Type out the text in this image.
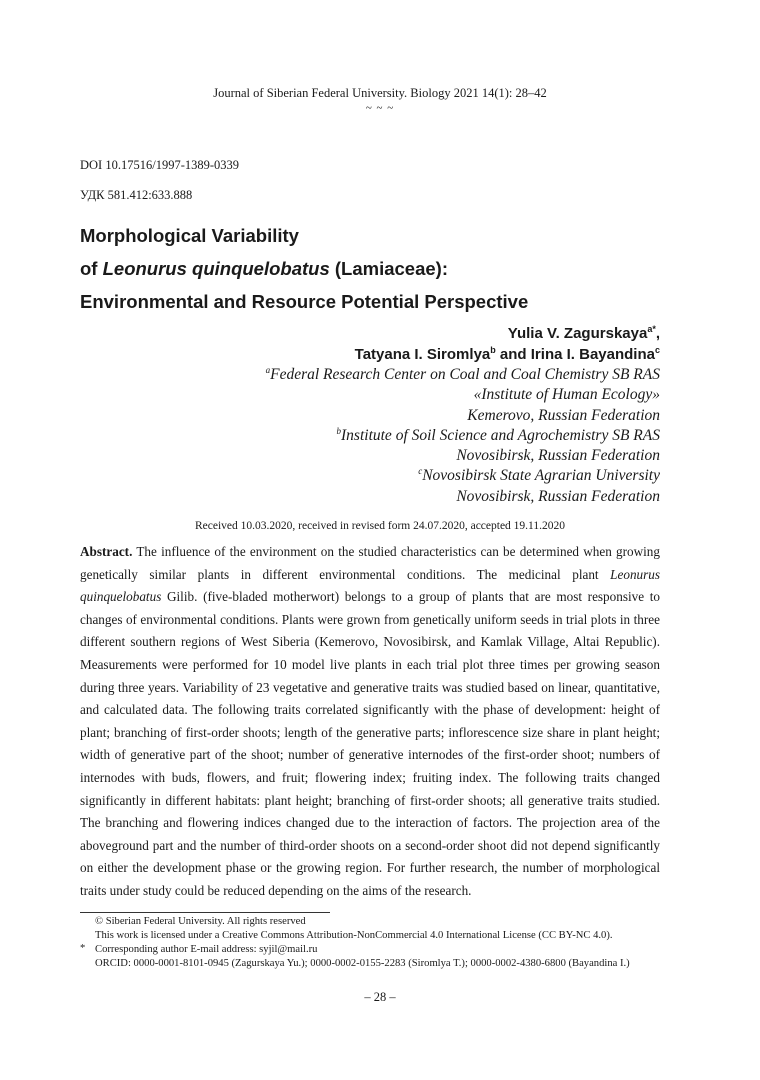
Journal of Siberian Federal University. Biology 2021 14(1): 28–42
~ ~ ~
DOI 10.17516/1997-1389-0339
УДК 581.412:633.888
Morphological Variability
of Leonurus quinquelobatus (Lamiaceae):
Environmental and Resource Potential Perspective
Yulia V. Zagurskaya$^{a*}$,
Tatyana I. Siromlya$^b$ and Irina I. Bayandina$^c$
$^a$Federal Research Center on Coal and Coal Chemistry SB RAS
«Institute of Human Ecology»
Kemerovo, Russian Federation
$^b$Institute of Soil Science and Agrochemistry SB RAS
Novosibirsk, Russian Federation
$^c$Novosibirsk State Agrarian University
Novosibirsk, Russian Federation
Received 10.03.2020, received in revised form 24.07.2020, accepted 19.11.2020

Abstract. The influence of the environment on the studied characteristics can be determined when growing genetically similar plants in different environmental conditions. The medicinal plant Leonurus quinquelobatus Gilib. (five-bladed motherwort) belongs to a group of plants that are most responsive to changes of environmental conditions. Plants were grown from genetically uniform seeds in trial plots in three different southern regions of West Siberia (Kemerovo, Novosibirsk, and Kamlak Village, Altai Republic). Measurements were performed for 10 model live plants in each trial plot three times per growing season during three years. Variability of 23 vegetative and generative traits was studied based on linear, quantitative, and calculated data. The following traits correlated significantly with the phase of development: height of plant; branching of first-order shoots; length of the generative parts; inflorescence size share in plant height; width of generative part of the shoot; number of generative internodes of the first-order shoot; numbers of internodes with buds, flowers, and fruit; flowering index; fruiting index. The following traits changed significantly in different habitats: plant height; branching of first-order shoots; all generative traits studied. The branching and flowering indices changed due to the interaction of factors. The projection area of the aboveground part and the number of third-order shoots on a second-order shoot did not depend significantly on either the development phase or the growing region. For further research, the number of morphological traits under study could be reduced depending on the aims of the research.

© Siberian Federal University. All rights reserved
This work is licensed under a Creative Commons Attribution-NonCommercial 4.0 International License (CC BY-NC 4.0).
* Corresponding author E-mail address: syjil@mail.ru
ORCID: 0000-0001-8101-0945 (Zagurskaya Yu.); 0000-0002-0155-2283 (Siromlya T.); 0000-0002-4380-6800 (Bayandina I.)
– 28 –
